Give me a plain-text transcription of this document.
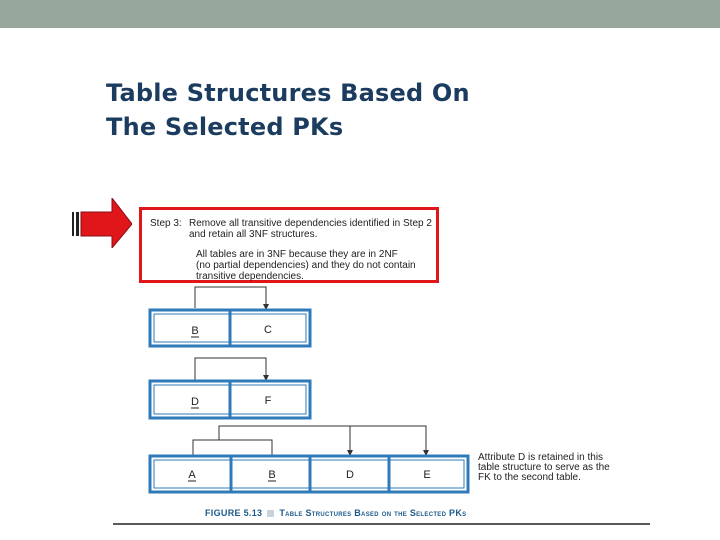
Table Structures Based On
The Selected PKs
Step 3: Remove all transitive dependencies identified in Step 2
and retain all 3NF structures.
All tables are in 3NF because they are in 2NF
(no partial dependencies) and they do not contain
transitive dependencies.
B	C
D	F
A	B	D	E
Attribute D is retained in this
table structure to serve as the
FK to the second table.
FIGURE 5.13 Table Structures Based on the Selected PKs
